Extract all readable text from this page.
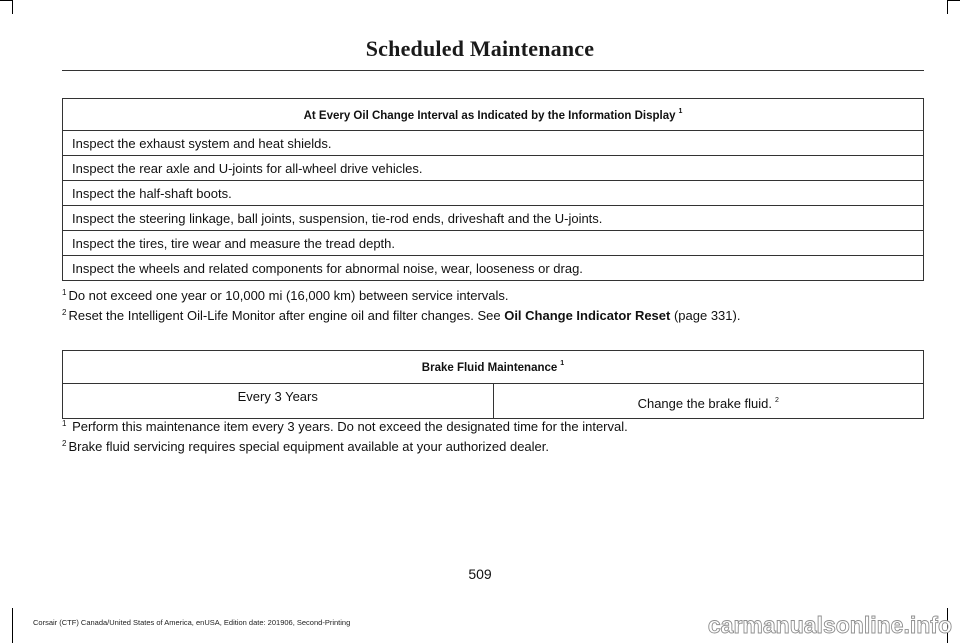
Scheduled Maintenance
At Every Oil Change Interval as Indicated by the Information Display $^1$
Inspect the exhaust system and heat shields.
Inspect the rear axle and U-joints for all-wheel drive vehicles.
Inspect the half-shaft boots.
Inspect the steering linkage, ball joints, suspension, tie-rod ends, driveshaft and the U-joints.
Inspect the tires, tire wear and measure the tread depth.
Inspect the wheels and related components for abnormal noise, wear, looseness or drag.
$^1$ Do not exceed one year or 10,000 mi (16,000 km) between service intervals.
$^2$ Reset the Intelligent Oil-Life Monitor after engine oil and filter changes. See Oil Change Indicator Reset (page 331).
Brake Fluid Maintenance $^1$
Every 3 Years	Change the brake fluid. $^2$
$^1$ Perform this maintenance item every 3 years. Do not exceed the designated time for the interval.
$^2$ Brake fluid servicing requires special equipment available at your authorized dealer.
509
Corsair (CTF) Canada/United States of America, enUSA, Edition date: 201906, Second-Printing	carmanualsonline.info
